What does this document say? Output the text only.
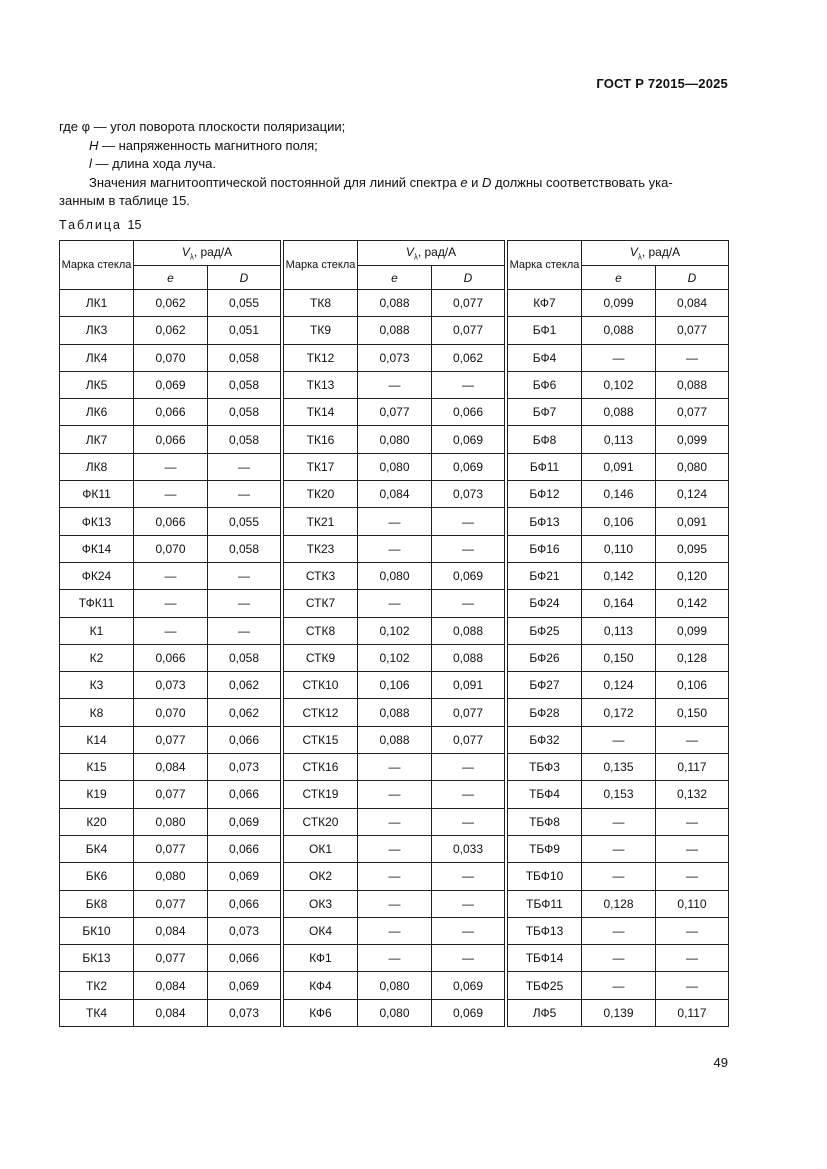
ГОСТ Р 72015—2025
где φ — угол поворота плоскости поляризации;
H — напряженность магнитного поля;
l — длина хода луча.
Значения магнитооптической постоянной для линий спектра e и D должны соответствовать ука-
занным в таблице 15.
Таблица 15
Марка стекла	$V_\lambda$, рад/А	
	e	D
ЛК1	0,062	0,055
ЛК3	0,062	0,051
ЛК4	0,070	0,058
ЛК5	0,069	0,058
ЛК6	0,066	0,058
ЛК7	0,066	0,058
ЛК8	—	—
ФК11	—	—
ФК13	0,066	0,055
ФК14	0,070	0,058
ФК24	—	—
ТФК11	—	—
К1	—	—
К2	0,066	0,058
К3	0,073	0,062
К8	0,070	0,062
К14	0,077	0,066
К15	0,084	0,073
К19	0,077	0,066
К20	0,080	0,069
БК4	0,077	0,066
БК6	0,080	0,069
БК8	0,077	0,066
БК10	0,084	0,073
БК13	0,077	0,066
ТК2	0,084	0,069
ТК4	0,084	0,073
Марка стекла	$V_\lambda$, рад/А	
	e	D
ТК8	0,088	0,077
ТК9	0,088	0,077
ТК12	0,073	0,062
ТК13	—	—
ТК14	0,077	0,066
ТК16	0,080	0,069
ТК17	0,080	0,069
ТК20	0,084	0,073
ТК21	—	—
ТК23	—	—
СТК3	0,080	0,069
СТК7	—	—
СТК8	0,102	0,088
СТК9	0,102	0,088
СТК10	0,106	0,091
СТК12	0,088	0,077
СТК15	0,088	0,077
СТК16	—	—
СТК19	—	—
СТК20	—	—
ОК1	—	0,033
ОК2	—	—
ОК3	—	—
ОК4	—	—
КФ1	—	—
КФ4	0,080	0,069
КФ6	0,080	0,069
Марка стекла	$V_\lambda$, рад/А	
	e	D
КФ7	0,099	0,084
БФ1	0,088	0,077
БФ4	—	—
БФ6	0,102	0,088
БФ7	0,088	0,077
БФ8	0,113	0,099
БФ11	0,091	0,080
БФ12	0,146	0,124
БФ13	0,106	0,091
БФ16	0,110	0,095
БФ21	0,142	0,120
БФ24	0,164	0,142
БФ25	0,113	0,099
БФ26	0,150	0,128
БФ27	0,124	0,106
БФ28	0,172	0,150
БФ32	—	—
ТБФ3	0,135	0,117
ТБФ4	0,153	0,132
ТБФ8	—	—
ТБФ9	—	—
ТБФ10	—	—
ТБФ11	0,128	0,110
ТБФ13	—	—
ТБФ14	—	—
ТБФ25	—	—
ЛФ5	0,139	0,117
49
